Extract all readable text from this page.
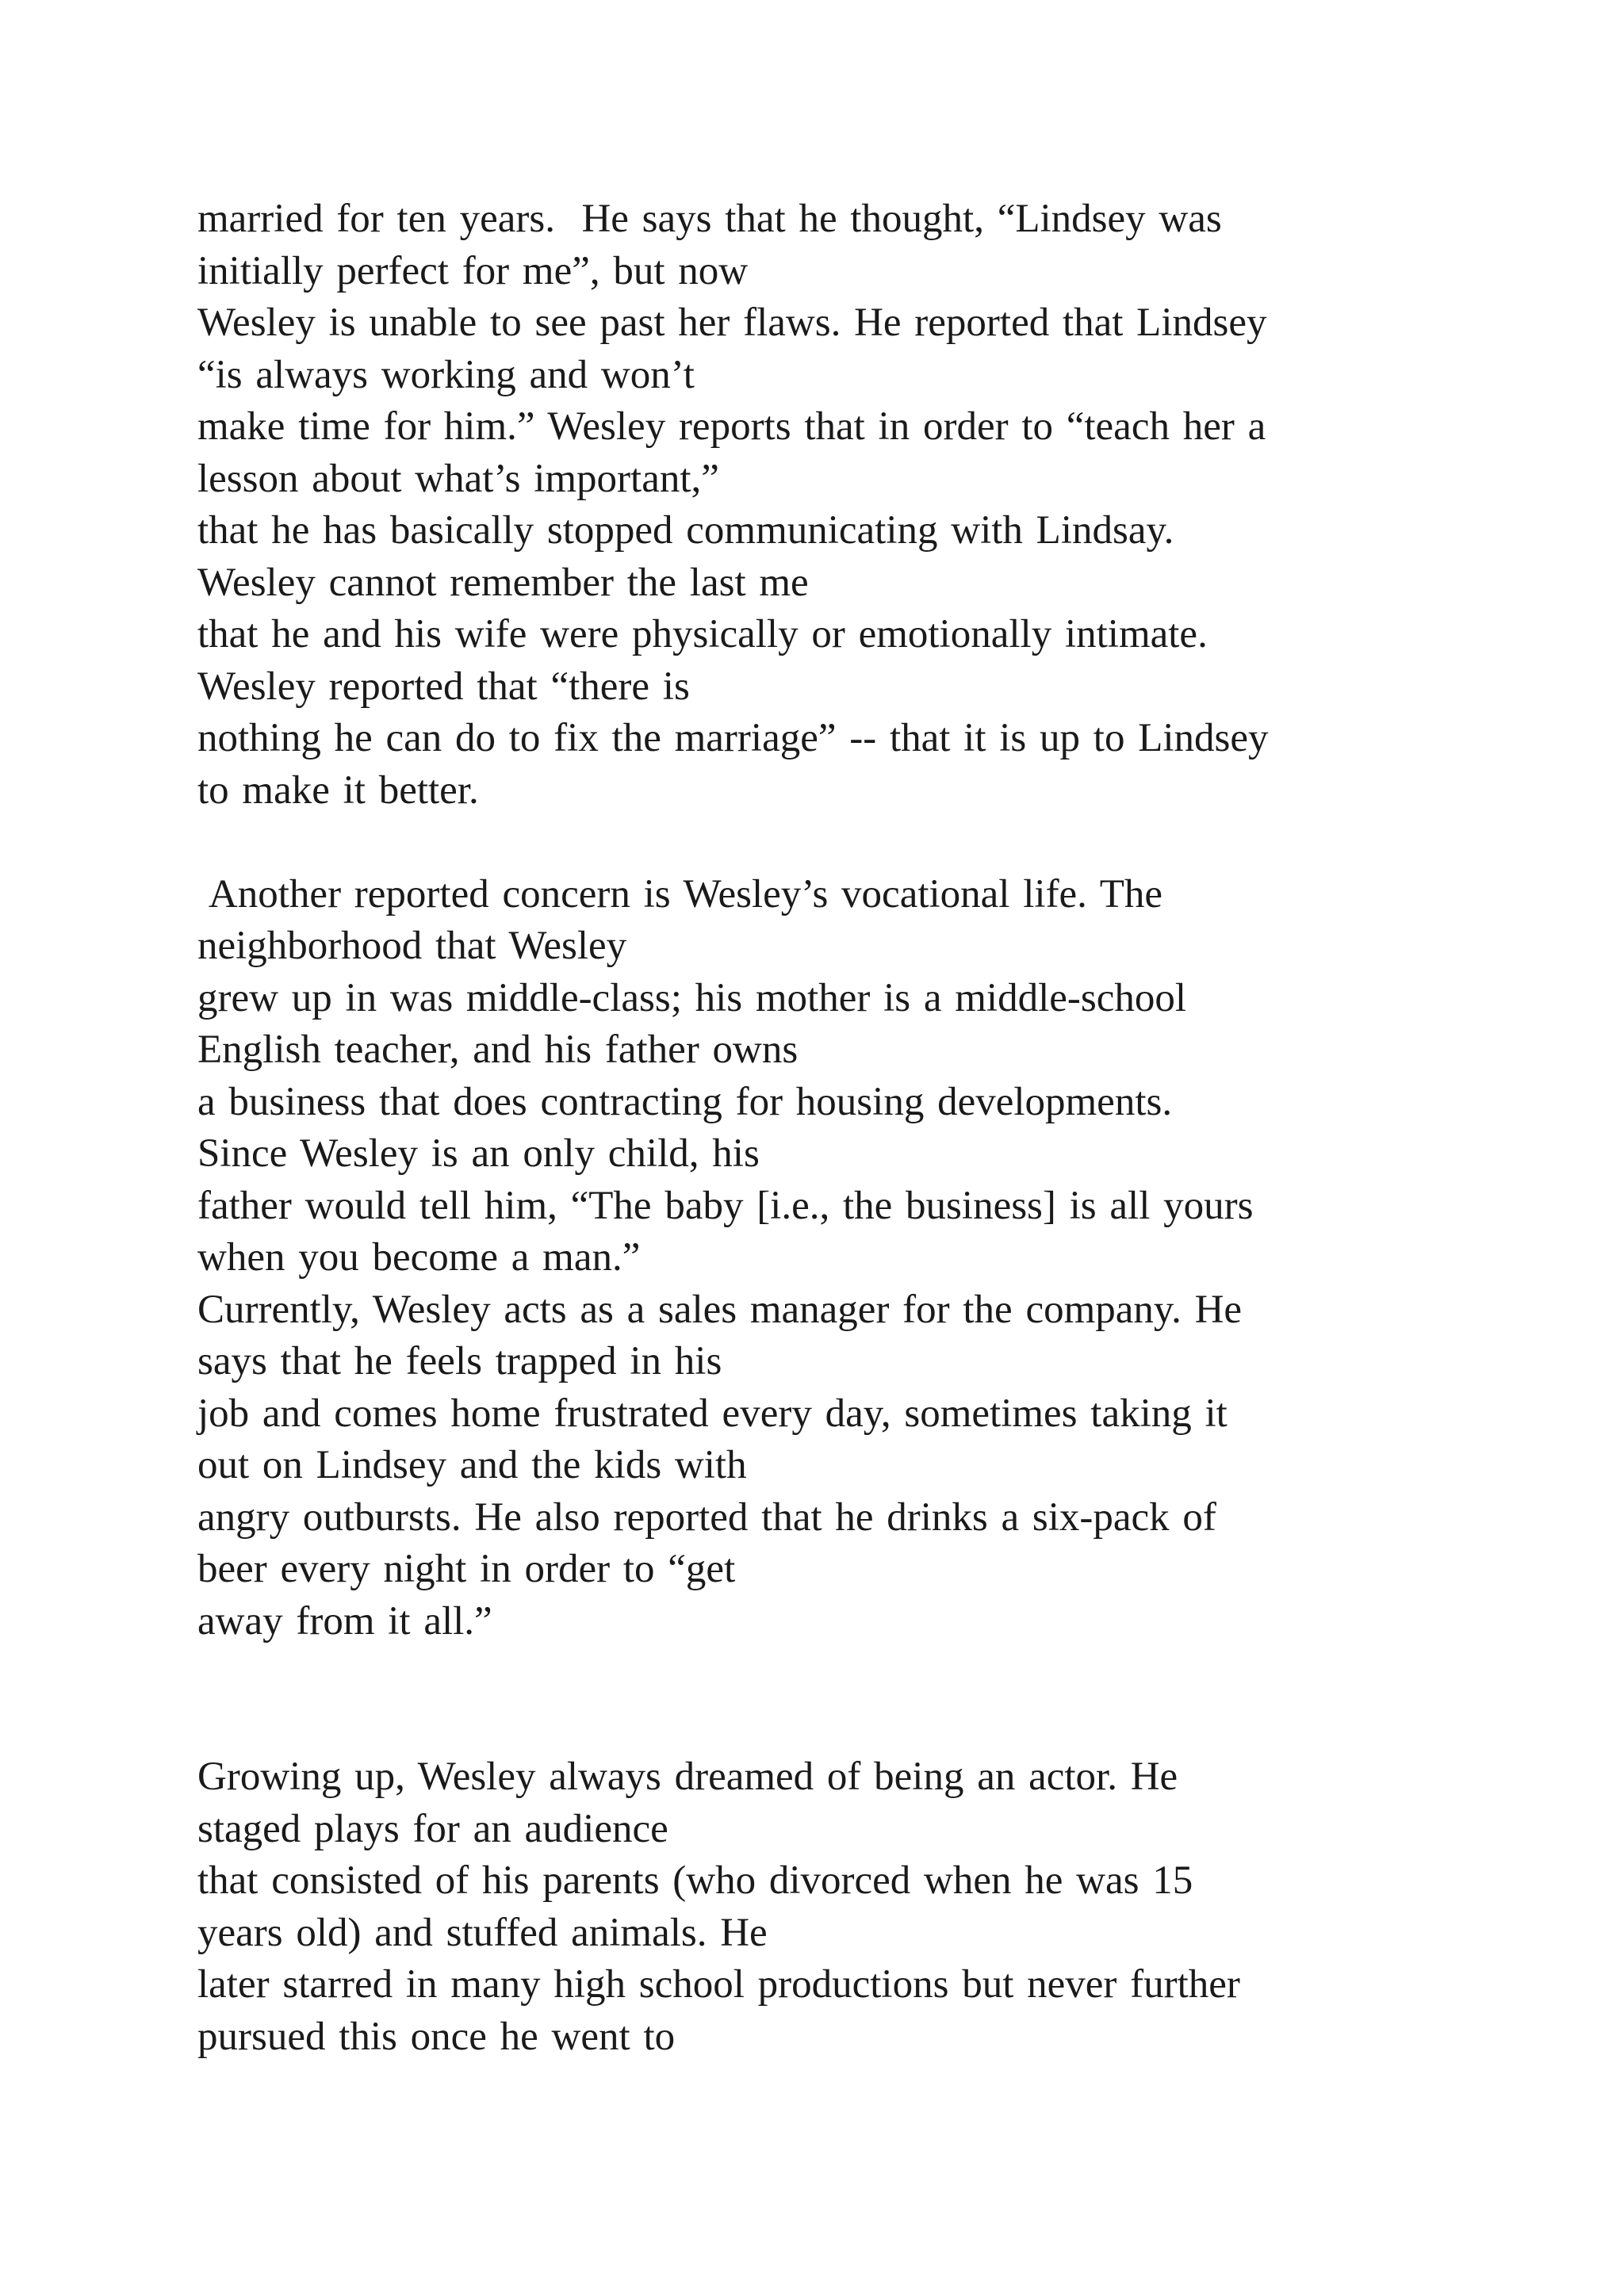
married for ten years.  He says that he thought, “Lindsey was
initially perfect for me”, but now
Wesley is unable to see past her flaws. He reported that Lindsey
“is always working and won’t
make time for him.” Wesley reports that in order to “teach her a
lesson about what’s important,”
that he has basically stopped communicating with Lindsay.
Wesley cannot remember the last me
that he and his wife were physically or emotionally intimate.
Wesley reported that “there is
nothing he can do to fix the marriage” -- that it is up to Lindsey
to make it better.
Another reported concern is Wesley’s vocational life. The
neighborhood that Wesley
grew up in was middle-class; his mother is a middle-school
English teacher, and his father owns
a business that does contracting for housing developments.
Since Wesley is an only child, his
father would tell him, “The baby [i.e., the business] is all yours
when you become a man.”
Currently, Wesley acts as a sales manager for the company. He
says that he feels trapped in his
job and comes home frustrated every day, sometimes taking it
out on Lindsey and the kids with
angry outbursts. He also reported that he drinks a six-pack of
beer every night in order to “get
away from it all.”
Growing up, Wesley always dreamed of being an actor. He
staged plays for an audience
that consisted of his parents (who divorced when he was 15
years old) and stuffed animals. He
later starred in many high school productions but never further
pursued this once he went to
